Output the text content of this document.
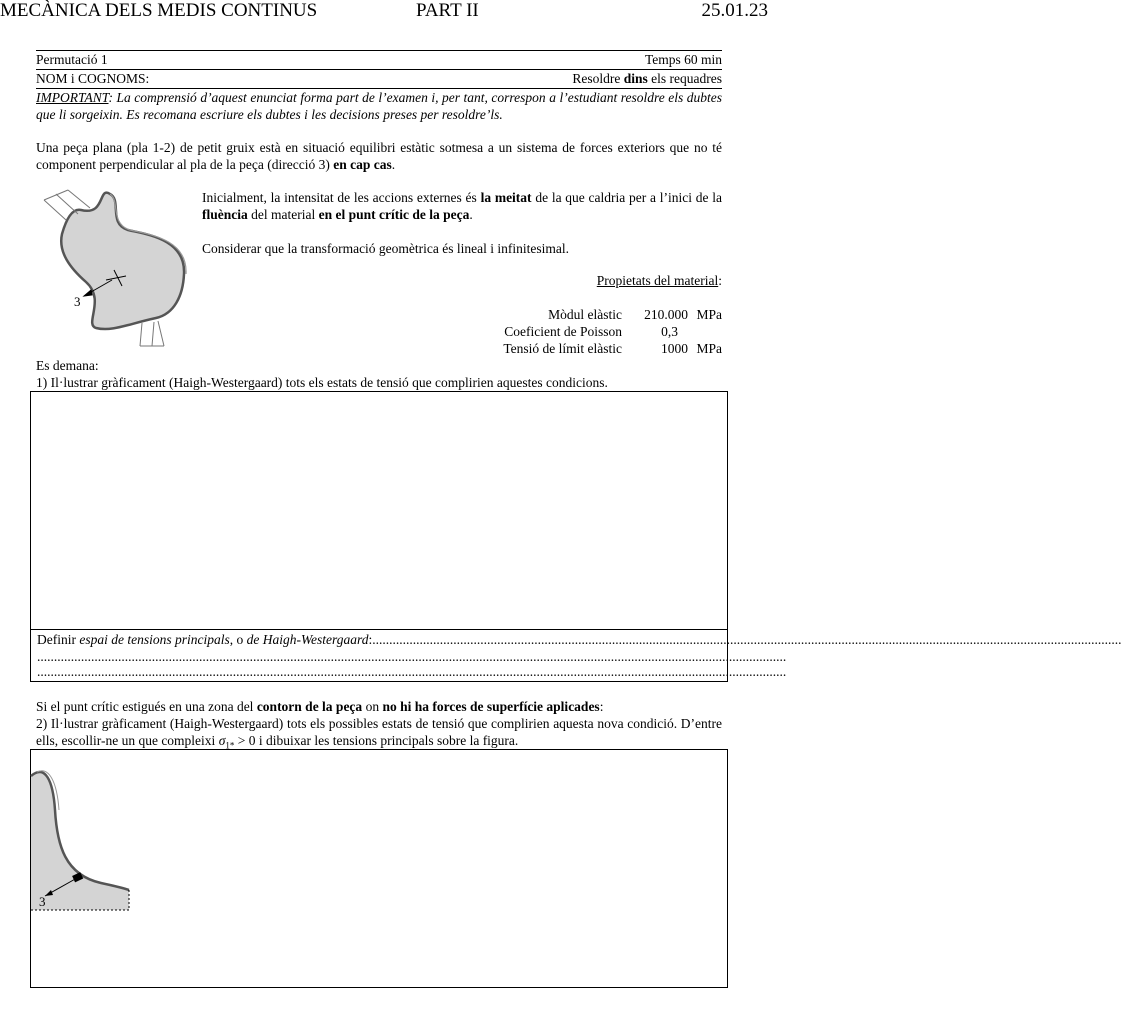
MECÀNICA DELS MEDIS CONTINUS	PART II	25.01.23
Permutació 1	Temps 60 min
NOM i COGNOMS:	Resoldre dins els requadres
IMPORTANT: La comprensió d’aquest enunciat forma part de l’examen i, per tant, correspon a l’estudiant resoldre els dubtes que li sorgeixin. Es recomana escriure els dubtes i les decisions preses per resoldre’ls.
Una peça plana (pla 1-2) de petit gruix està en situació equilibri estàtic sotmesa a un sistema de forces exteriors que no té component perpendicular al pla de la peça (direcció 3) en cap cas.
3
Inicialment, la intensitat de les accions externes és la meitat de la que caldria per a l’inici de la fluència del material en el punt crític de la peça.
Considerar que la transformació geomètrica és lineal i infinitesimal.
Propietats del material:
Mòdul elàstic 210.000 MPa
Coeficient de Poisson	0,3
Tensió de límit elàstic	1000 MPa
Es demana:
1) Il·lustrar gràficament (Haigh-Westergaard) tots els estats de tensió que complirien aquestes condicions.
Definir espai de tensions principals, o de Haigh-Westergaard:..............................................................................................................................................................................................................................
..............................................................................................................................................................................................................................
..............................................................................................................................................................................................................................
Si el punt crític estigués en una zona del contorn de la peça on no hi ha forces de superfície aplicades:
2) Il·lustrar gràficament (Haigh-Westergaard) tots els possibles estats de tensió que complirien aquesta nova condició. D’entre ells, escollir-ne un que compleixi $\sigma_{1*} > 0$ i dibuixar les tensions principals sobre la figura.
3
